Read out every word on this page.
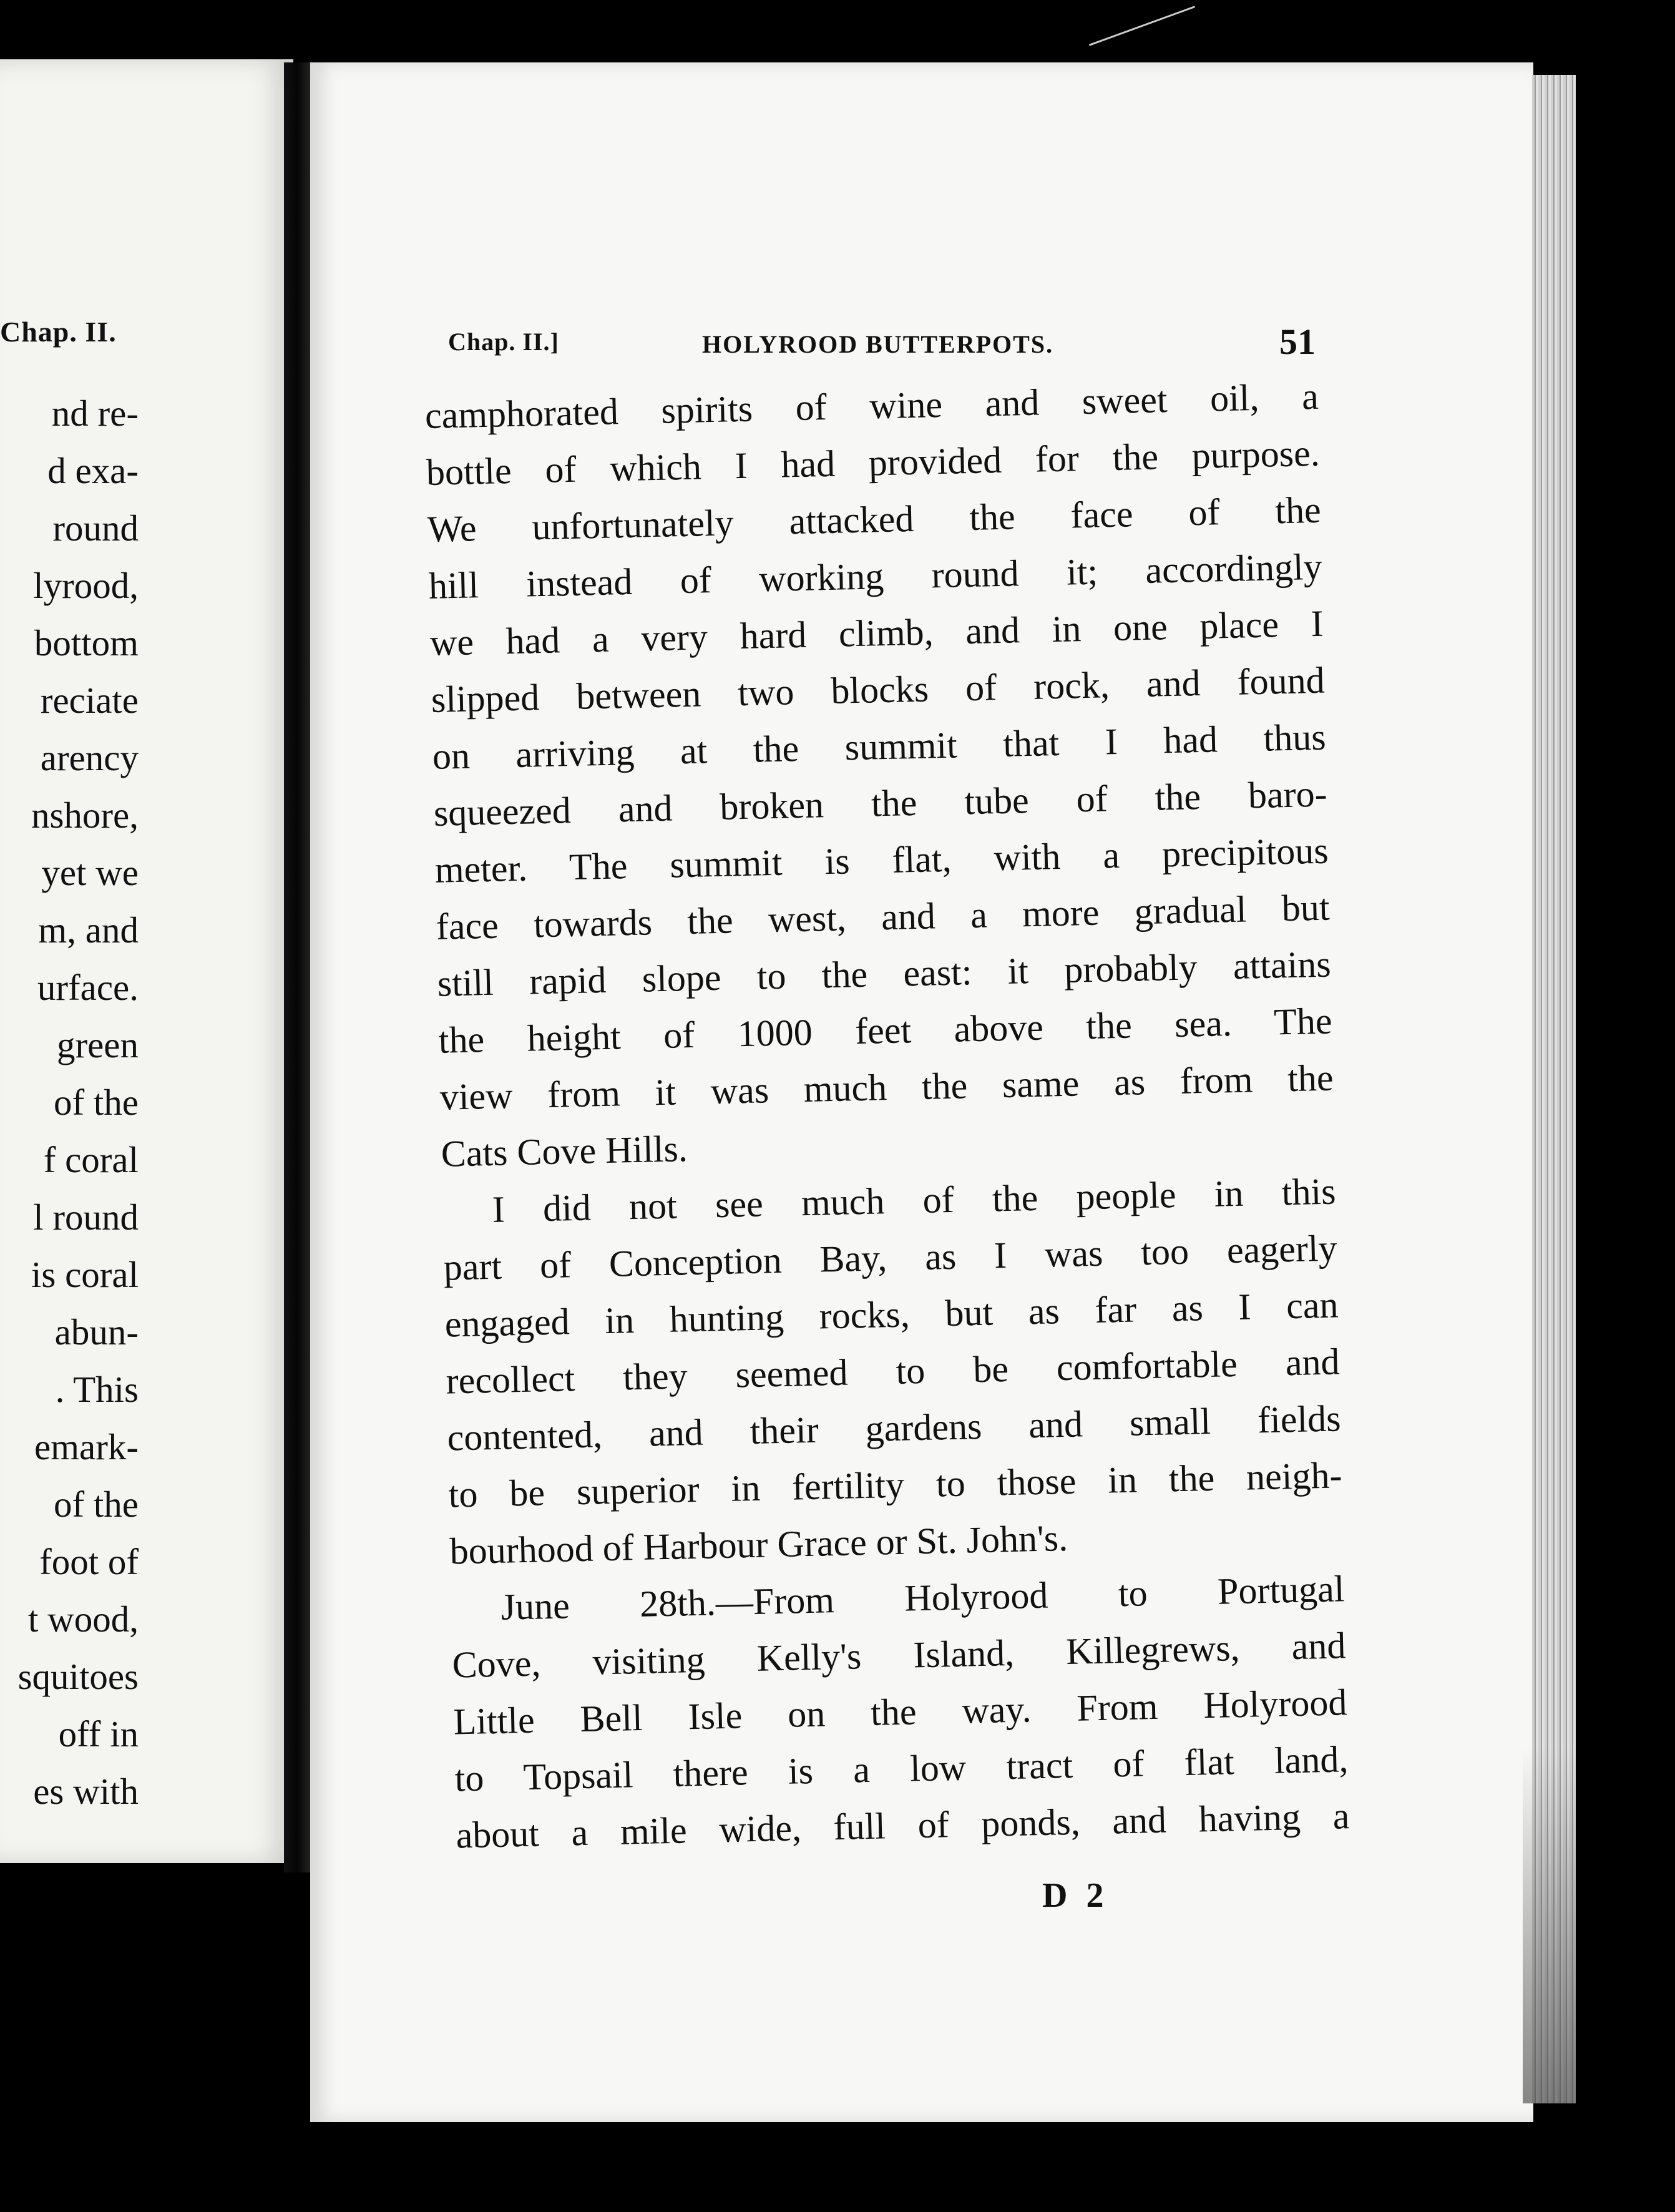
Chap. II.
nd re-
d exa-
round
lyrood,
bottom
reciate
arency
nshore,
yet we
m, and
urface.
green
of the
f coral
l round
is coral
abun-
. This
emark-
of the
foot of
t wood,
squitoes
off in
es with
Chap. II.]	HOLYROOD BUTTERPOTS.	51
camphorated spirits of wine and sweet oil, a
bottle of which I had provided for the purpose.
We unfortunately attacked the face of the
hill instead of working round it; accordingly
we had a very hard climb, and in one place I
slipped between two blocks of rock, and found
on arriving at the summit that I had thus
squeezed and broken the tube of the baro-
meter. The summit is flat, with a precipitous
face towards the west, and a more gradual but
still rapid slope to the east: it probably attains
the height of 1000 feet above the sea. The
view from it was much the same as from the
Cats Cove Hills.
I did not see much of the people in this
part of Conception Bay, as I was too eagerly
engaged in hunting rocks, but as far as I can
recollect they seemed to be comfortable and
contented, and their gardens and small fields
to be superior in fertility to those in the neigh-
bourhood of Harbour Grace or St. John's.
June 28th.—From Holyrood to Portugal
Cove, visiting Kelly's Island, Killegrews, and
Little Bell Isle on the way. From Holyrood
to Topsail there is a low tract of flat land,
about a mile wide, full of ponds, and having a
D 2
